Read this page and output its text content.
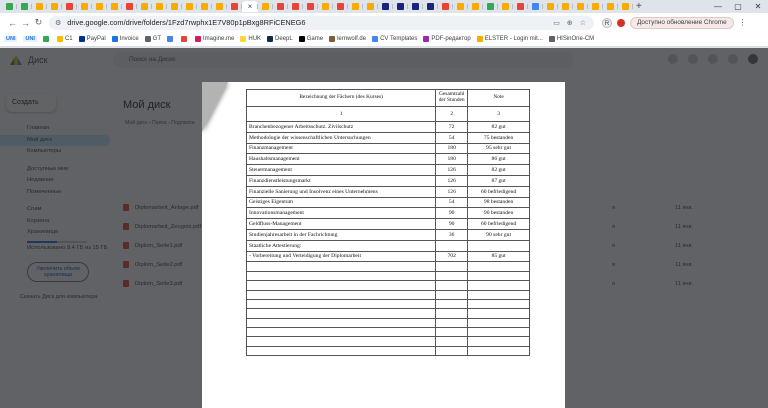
×	+	—	▢	✕
← → ↻	⚙ drive.google.com/drive/folders/1Fzd7rwphx1E7V80p1pBxg8RFiCENEG6	▭ ⊕ ☆	R	Доступно обновление Chrome	⋮
UNI UNI	C1 PayPal Invoice GT	Imagine.me HUK DeepL Game lernwolf.de CV Templates PDF-редактор ELSTER - Login mit... HISinOne-CM
Bezeichnung der Fächern (des Kurses)	Gesamtzahl der Stunden	Note
1	2	3
Branchenbezogener Arbeitsschutz. Zivilschutz	72	82 gut
Methodologie der wissenschaftlichen Untersuchungen	54	75 bestanden
Finanzmanagement	180	95 sehr gut
Haushaltsmanagement	180	86 gut
Steuermanagement	126	82 gut
Finanzdienstleistungsmarkt	126	87 gut
Finanzielle Sanierung und Insolvenz eines Unternehmens	126	60 befriedigend
Geistiges Eigentum	54	98 bestanden
Innovationsmanagement	90	90 bestanden
Geldfluss-Management	90	60 befriedigend
Studienjahresarbeit in der Fachrichtung	36	90 sehr gut
Staatliche Attestierung:		
- Vorbereitung und Verteidigung der Diplomarbeit	702	85 gut
